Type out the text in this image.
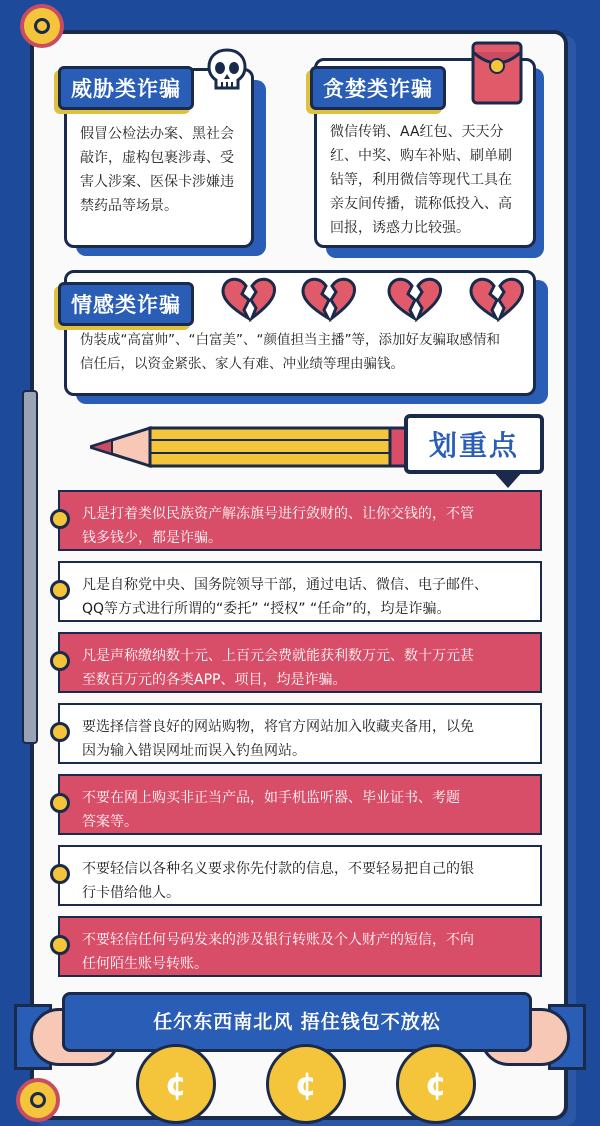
威胁类诈骗
假冒公检法办案、黑社会
敲诈，虚构包裹涉毒、受
害人涉案、医保卡涉嫌违
禁药品等场景。
贪婪类诈骗
微信传销、AA红包、天天分
红、中奖、购车补贴、刷单刷
钻等，利用微信等现代工具在
亲友间传播，谎称低投入、高
回报，诱惑力比较强。
情感类诈骗
伪装成“高富帅”、“白富美”、“颜值担当主播”等，添加好友骗取感情和
信任后，以资金紧张、家人有难、冲业绩等理由骗钱。
划重点
凡是打着类似民族资产解冻旗号进行敛财的、让你交钱的，不管
钱多钱少，都是诈骗。
凡是自称党中央、国务院领导干部，通过电话、微信、电子邮件、
QQ等方式进行所谓的“委托” “授权” “任命”的，均是诈骗。
凡是声称缴纳数十元、上百元会费就能获利数万元、数十万元甚
至数百万元的各类APP、项目，均是诈骗。
要选择信誉良好的网站购物，将官方网站加入收藏夹备用，以免
因为输入错误网址而误入钓鱼网站。
不要在网上购买非正当产品，如手机监听器、毕业证书、考题
答案等。
不要轻信以各种名义要求你先付款的信息，不要轻易把自己的银
行卡借给他人。
不要轻信任何号码发来的涉及银行转账及个人财产的短信，不向
任何陌生账号转账。
任尔东西南北风 捂住钱包不放松
¢	¢	¢
